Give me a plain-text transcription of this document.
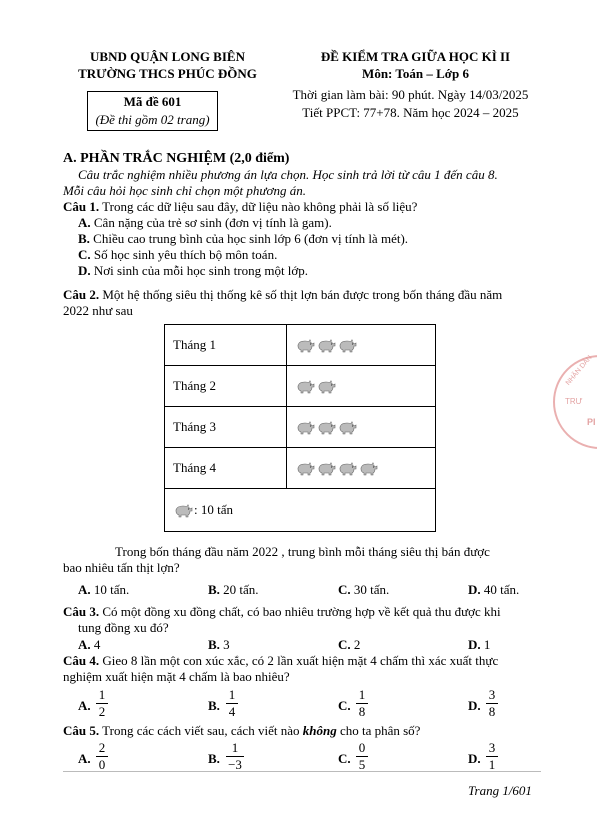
UBND QUẬN LONG BIÊN
TRƯỜNG THCS PHÚC ĐỒNG
Mã đề 601
(Đề thi gồm 02 trang)
ĐỀ KIỂM TRA GIỮA HỌC KÌ II
Môn: Toán – Lớp 6
Thời gian làm bài: 90 phút. Ngày 14/03/2025
Tiết PPCT: 77+78. Năm học 2024 – 2025
A. PHẦN TRẮC NGHIỆM (2,0 điểm)
Câu trắc nghiệm nhiều phương án lựa chọn. Học sinh trả lời từ câu 1 đến câu 8.
Mỗi câu hỏi học sinh chỉ chọn một phương án.
Câu 1. Trong các dữ liệu sau đây, dữ liệu nào không phải là số liệu?
A. Cân nặng của trẻ sơ sinh (đơn vị tính là gam).
B. Chiều cao trung bình của học sinh lớp 6 (đơn vị tính là mét).
C. Số học sinh yêu thích bộ môn toán.
D. Nơi sinh của mỗi học sinh trong một lớp.
Câu 2. Một hệ thống siêu thị thống kê số thịt lợn bán được trong bốn tháng đầu năm
2022 như sau
Tháng 1	
Tháng 2	
Tháng 3	
Tháng 4	
: 10 tấn	
Trong bốn tháng đầu năm 2022 , trung bình mỗi tháng siêu thị bán được
bao nhiêu tấn thịt lợn?
A. 10 tấn.	B. 20 tấn.	C. 30 tấn.	D. 40 tấn.
Câu 3. Có một đồng xu đồng chất, có bao nhiêu trường hợp về kết quả thu được khi
tung đồng xu đó?
A. 4	B. 3	C. 2	D. 1
Câu 4. Gieo 8 lần một con xúc xắc, có 2 lần xuất hiện mặt 4 chấm thì xác xuất thực
nghiệm xuất hiện mặt 4 chấm là bao nhiêu?
A.
1
2	B.
1
4	C.
1
8	D.
3
8
Câu 5. Trong các cách viết sau, cách viết nào không cho ta phân số?
A.
2
0	B.
1
−3	C.
0
5	D.
3
1
Trang 1/601
NHÂN DÂN
TRƯ
PI
